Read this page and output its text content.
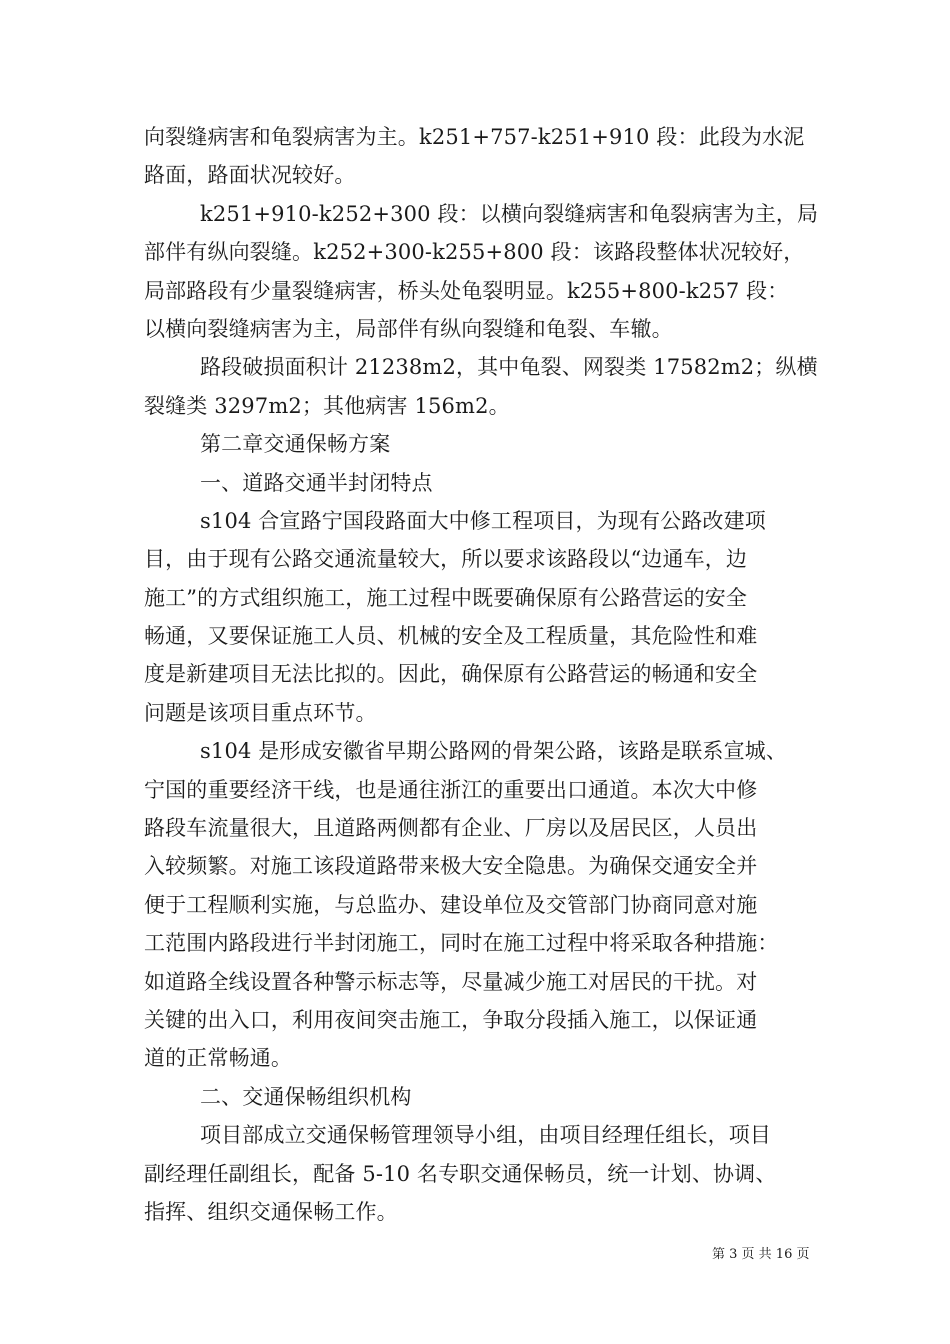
向裂缝病害和龟裂病害为主。k251+757-k251+910 段：此段为水泥
路面，路面状况较好。
k251+910-k252+300 段：以横向裂缝病害和龟裂病害为主，局
部伴有纵向裂缝。k252+300-k255+800 段：该路段整体状况较好，
局部路段有少量裂缝病害，桥头处龟裂明显。k255+800-k257 段：
以横向裂缝病害为主，局部伴有纵向裂缝和龟裂、车辙。
路段破损面积计 21238m2，其中龟裂、网裂类 17582m2；纵横
裂缝类 3297m2；其他病害 156m2。
第二章交通保畅方案
一、道路交通半封闭特点
s104 合宣路宁国段路面大中修工程项目，为现有公路改建项
目，由于现有公路交通流量较大，所以要求该路段以“边通车，边
施工”的方式组织施工，施工过程中既要确保原有公路营运的安全
畅通，又要保证施工人员、机械的安全及工程质量，其危险性和难
度是新建项目无法比拟的。因此，确保原有公路营运的畅通和安全
问题是该项目重点环节。
s104 是形成安徽省早期公路网的骨架公路，该路是联系宣城、
宁国的重要经济干线，也是通往浙江的重要出口通道。本次大中修
路段车流量很大，且道路两侧都有企业、厂房以及居民区，人员出
入较频繁。对施工该段道路带来极大安全隐患。为确保交通安全并
便于工程顺利实施，与总监办、建设单位及交管部门协商同意对施
工范围内路段进行半封闭施工，同时在施工过程中将采取各种措施：
如道路全线设置各种警示标志等，尽量减少施工对居民的干扰。对
关键的出入口，利用夜间突击施工，争取分段插入施工，以保证通
道的正常畅通。
二、交通保畅组织机构
项目部成立交通保畅管理领导小组，由项目经理任组长，项目
副经理任副组长，配备 5-10 名专职交通保畅员，统一计划、协调、
指挥、组织交通保畅工作。
第 3 页 共 16 页
